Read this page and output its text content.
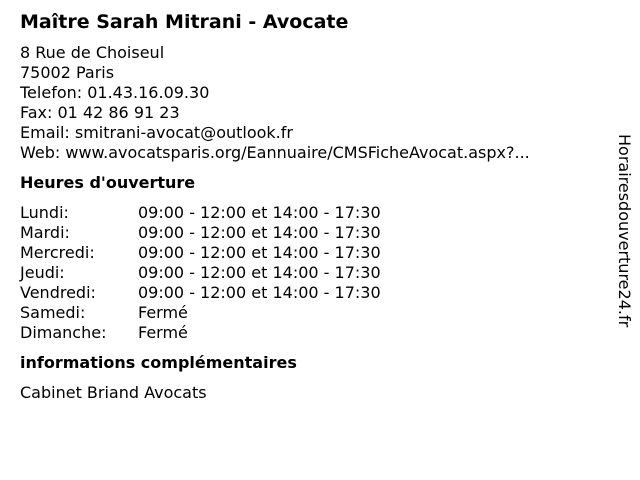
Maître Sarah Mitrani - Avocate
8 Rue de Choiseul
75002 Paris
Telefon: 01.43.16.09.30
Fax: 01 42 86 91 23
Email: smitrani-avocat@outlook.fr
Web: www.avocatsparis.org/Eannuaire/CMSFicheAvocat.aspx?...
Heures d'ouverture
Lundi:	09:00 - 12:00 et 14:00 - 17:30
Mardi:	09:00 - 12:00 et 14:00 - 17:30
Mercredi:	09:00 - 12:00 et 14:00 - 17:30
Jeudi:	09:00 - 12:00 et 14:00 - 17:30
Vendredi:	09:00 - 12:00 et 14:00 - 17:30
Samedi:	Fermé
Dimanche:	Fermé
informations complémentaires
Cabinet Briand Avocats
Horairesdouverture24.fr
